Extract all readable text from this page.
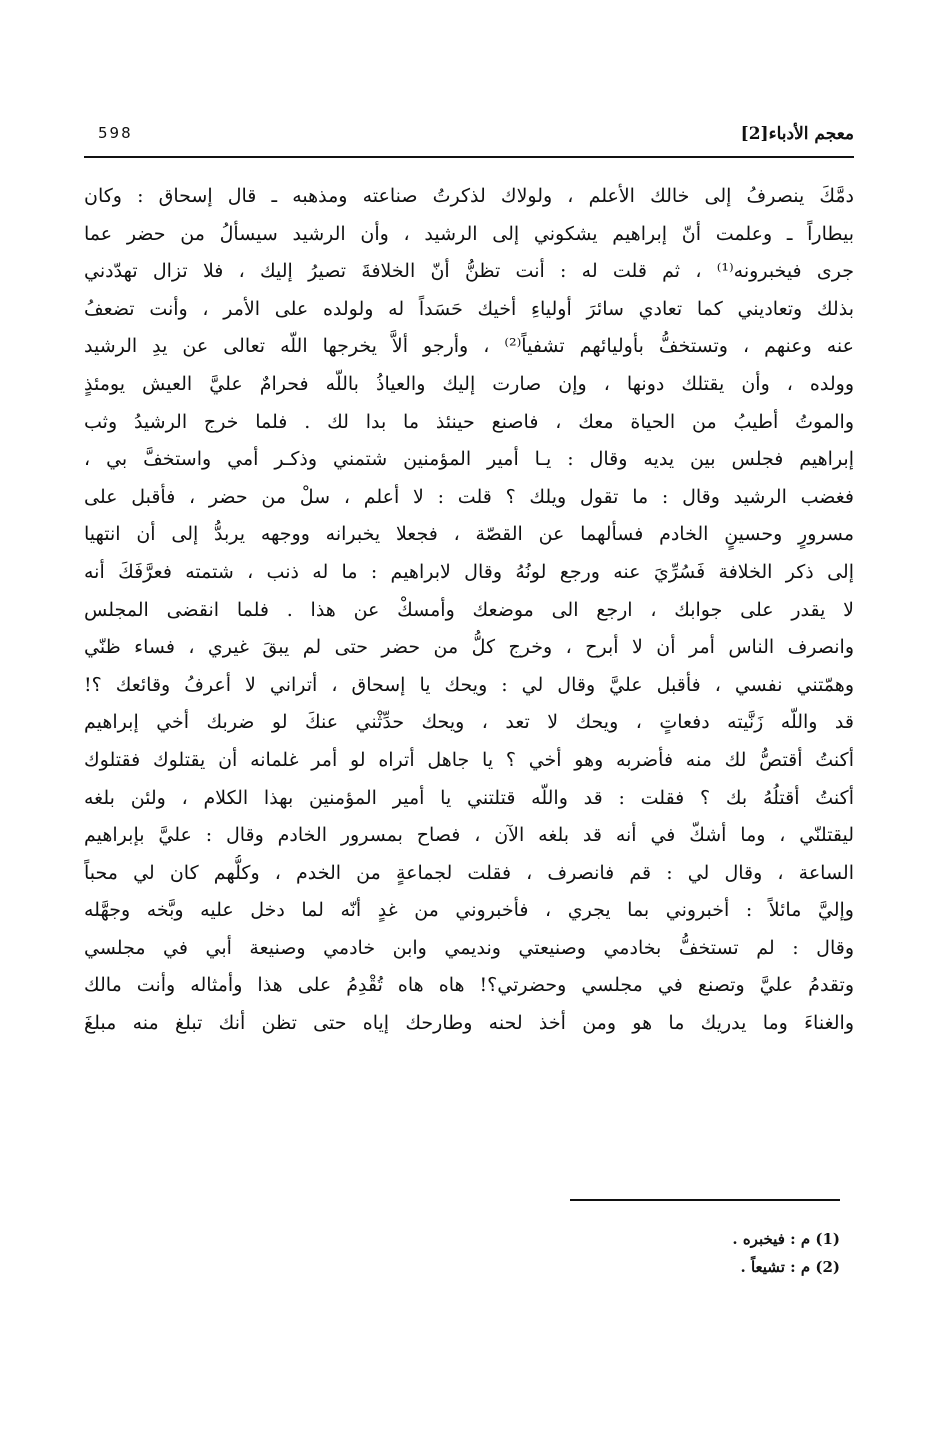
معجم الأدباء[2]
598
دمَّكَ ينصرفُ إلى خالك الأعلم ، ولولاك لذكرتُ صناعته ومذهبه ـ قال إسحاق : وكان
بيطاراً ـ وعلمت أنّ إبراهيم يشكوني إلى الرشيد ، وأن الرشيد سيسألُ من حضر عما
جرى فيخبرونه⁽¹⁾ ، ثم قلت له : أنت تظنُّ أنّ الخلافةَ تصيرُ إليك ، فلا تزال تهدّدني
بذلك وتعاديني كما تعادي سائرَ أولياءِ أخيك حَسَداً له ولولده على الأمر ، وأنت تضعفُ
عنه وعنهم ، وتستخفُّ بأوليائهم تشفياً⁽²⁾ ، وأرجو ألاَّ يخرجها اللّه تعالى عن يدِ الرشيد
وولده ، وأن يقتلك دونها ، وإن صارت إليك والعياذُ باللّه فحرامٌ عليَّ العيش يومئذٍ
والموتُ أطيبُ من الحياة معك ، فاصنع حينئذ ما بدا لك . فلما خرج الرشيدُ وثب
إبراهيم فجلس بين يديه وقال : يـا أمير المؤمنين شتمني وذكـر أمي واستخفَّ بي ،
فغضب الرشيد وقال : ما تقول ويلك ؟ قلت : لا أعلم ، سلْ من حضر ، فأقبل على
مسرورٍ وحسينٍ الخادم فسألهما عن القصّة ، فجعلا يخبرانه ووجهه يربدُّ إلى أن انتهيا
إلى ذكر الخلافة فَسُرِّيَ عنه ورجع لونُهُ وقال لابراهيم : ما له ذنب ، شتمته فعرَّفَكَ أنه
لا يقدر على جوابك ، ارجع الى موضعك وأمسكْ عن هذا . فلما انقضى المجلس
وانصرف الناس أمر أن لا أبرح ، وخرج كلُّ من حضر حتى لم يبقَ غيري ، فساء ظنّي
وهمّتني نفسي ، فأقبل عليَّ وقال لي : ويحك يا إسحاق ، أتراني لا أعرفُ وقائعك ؟!
قد واللّه زَنَّيته دفعاتٍ ، ويحك لا تعد ، ويحك حدِّثْني عنكَ لو ضربك أخي إبراهيم
أكنتُ أقتصُّ لك منه فأضربه وهو أخي ؟ يا جاهل أتراه لو أمر غلمانه أن يقتلوك فقتلوك
أكنتُ أقتلُهُ بك ؟ فقلت : قد واللّه قتلتني يا أمير المؤمنين بهذا الكلام ، ولئن بلغه
ليقتلنّي ، وما أشكّ في أنه قد بلغه الآن ، فصاح بمسرور الخادم وقال : عليَّ بإبراهيم
الساعة ، وقال لي : قم فانصرف ، فقلت لجماعةٍ من الخدم ، وكلُّهم كان لي محباً
وإليَّ مائلاً : أخبروني بما يجري ، فأخبروني من غدٍ أنّه لما دخل عليه وبَّخه وجهَّله
وقال : لم تستخفُّ بخادمي وصنيعتي ونديمي وابن خادمي وصنيعة أبي في مجلسي
وتقدمُ عليَّ وتصنع في مجلسي وحضرتي؟! هاه هاه تُقْدِمُ على هذا وأمثاله وأنت مالك
والغناءَ وما يدريك ما هو ومن أخذ لحنه وطارحك إياه حتى تظن أنك تبلغ منه مبلغَ
(1) م : فيخبره .
(2) م : تشيعاً .
